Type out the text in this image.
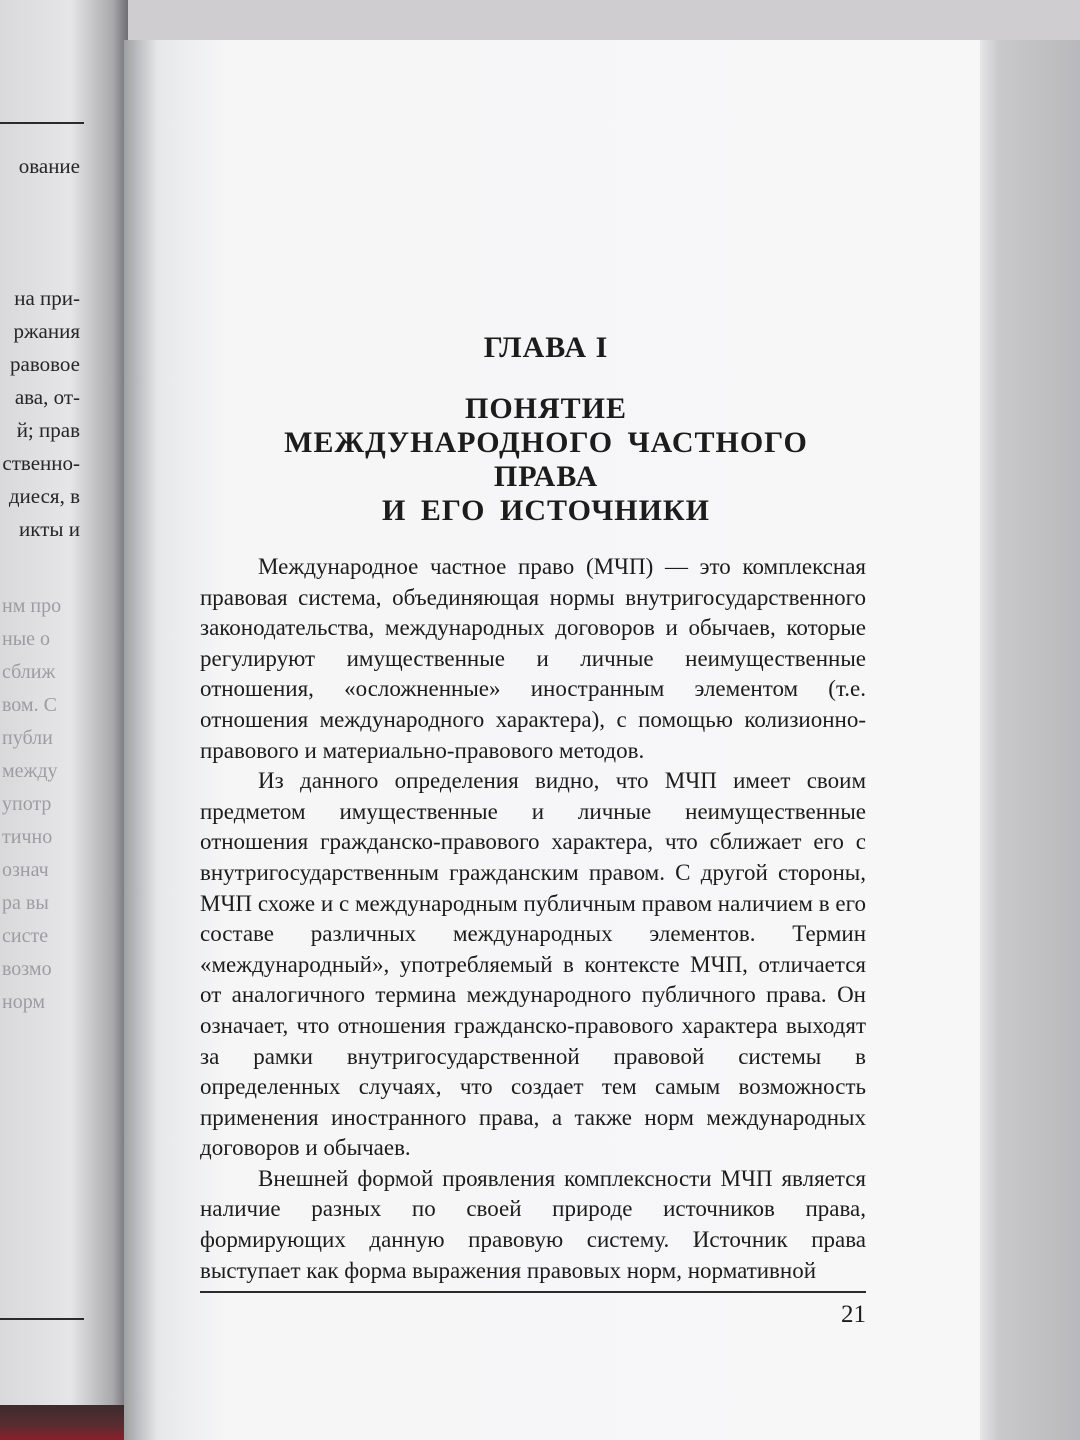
ование
на при-
ржания
равовое
ава, от-
й; прав
ственно-
диеся, в
икты и
нм про
ные о
сближ
вом. С
публи
между
употр
тично
означ
ра вы
систе
возмо
норм
ГЛАВА I
ПОНЯТИЕ
МЕЖДУНАРОДНОГО ЧАСТНОГО ПРАВА
И ЕГО ИСТОЧНИКИ

Международное частное право (МЧП) — это комплексная правовая система, объединяющая нормы внутригосударственного законодательства, международных договоров и обычаев, которые регулируют имущественные и личные неимущественные отношения, «осложненные» иностранным элементом (т.е. отношения международного характера), с помощью колизионно-правового и материально-правового методов.

Из данного определения видно, что МЧП имеет своим предметом имущественные и личные неимущественные отношения гражданско-правового характера, что сближает его с внутригосударственным гражданским правом. С другой стороны, МЧП схоже и с международным публичным правом наличием в его составе различных международных элементов. Термин «международный», употребляемый в контексте МЧП, отличается от аналогичного термина международного публичного права. Он означает, что отношения гражданско-правового характера выходят за рамки внутригосударственной правовой системы в определенных случаях, что создает тем самым возможность применения иностранного права, а также норм международных договоров и обычаев.

Внешней формой проявления комплексности МЧП является наличие разных по своей природе источников права, формирующих данную правовую систему. Источник права выступает как форма выражения правовых норм, нормативной

21
